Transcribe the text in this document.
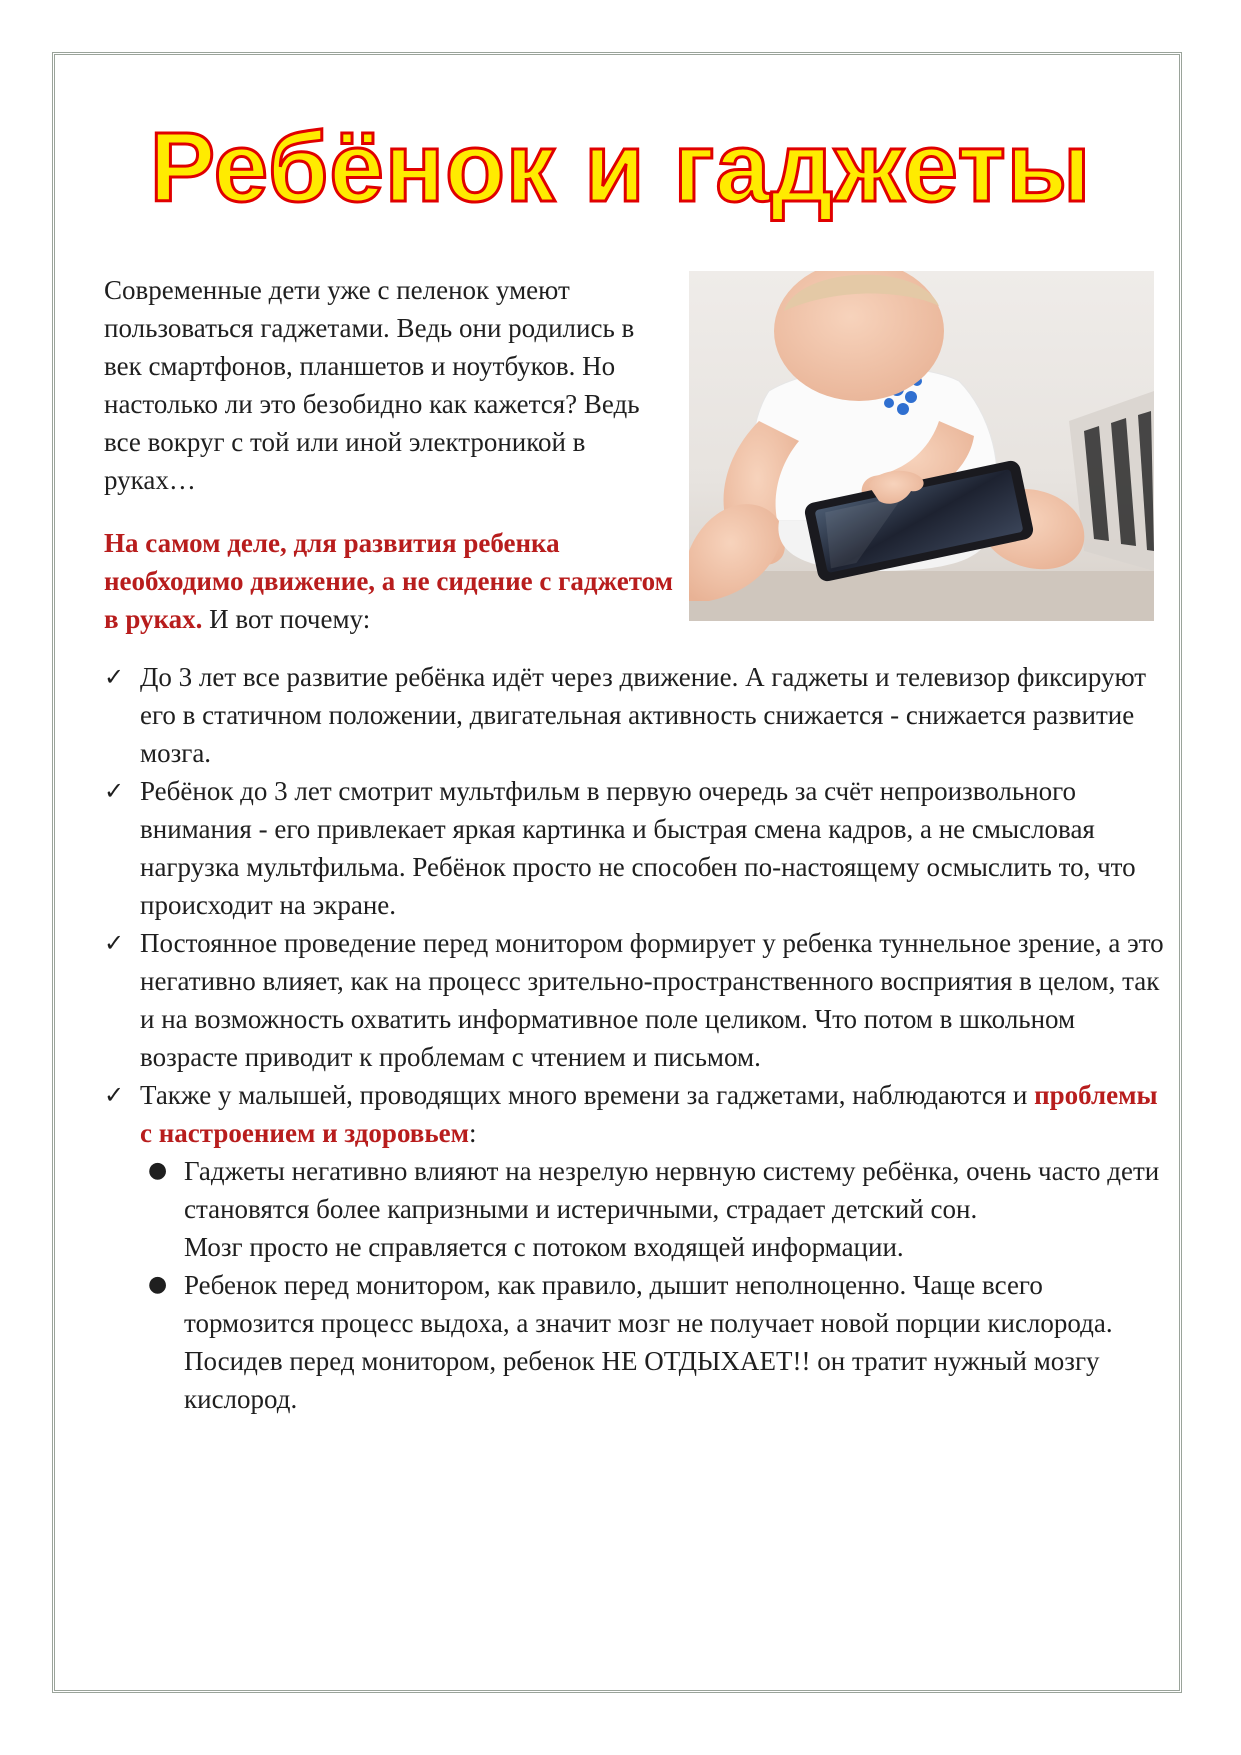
Ребёнок и гаджеты

Современные дети уже с пеленок умеют пользоваться гаджетами. Ведь они родились в век смартфонов, планшетов и ноутбуков. Но настолько ли это безобидно как кажется? Ведь все вокруг с той или иной электроникой в руках…

На самом деле, для развития ребенка необходимо движение, а не сидение с гаджетом в руках. И вот почему:

✓ До 3 лет все развитие ребёнка идёт через движение. А гаджеты и телевизор фиксируют его в статичном положении, двигательная активность снижается - снижается развитие мозга.
✓ Ребёнок до 3 лет смотрит мультфильм в первую очередь за счёт непроизвольного внимания - его привлекает яркая картинка и быстрая смена кадров, а не смысловая нагрузка мультфильма. Ребёнок просто не способен по-настоящему осмыслить то, что происходит на экране.
✓ Постоянное проведение перед монитором формирует у ребенка туннельное зрение, а это негативно влияет, как на процесс зрительно-пространственного восприятия в целом, так и на возможность охватить информативное поле целиком. Что потом в школьном возрасте приводит к проблемам с чтением и письмом.
✓ Также у малышей, проводящих много времени за гаджетами, наблюдаются и проблемы с настроением и здоровьем:
● Гаджеты негативно влияют на незрелую нервную систему ребёнка, очень часто дети становятся более капризными и истеричными, страдает детский сон.
Мозг просто не справляется с потоком входящей информации.
● Ребенок перед монитором, как правило, дышит неполноценно. Чаще всего тормозится процесс выдоха, а значит мозг не получает новой порции кислорода. Посидев перед монитором, ребенок НЕ ОТДЫХАЕТ!! он тратит нужный мозгу кислород.
